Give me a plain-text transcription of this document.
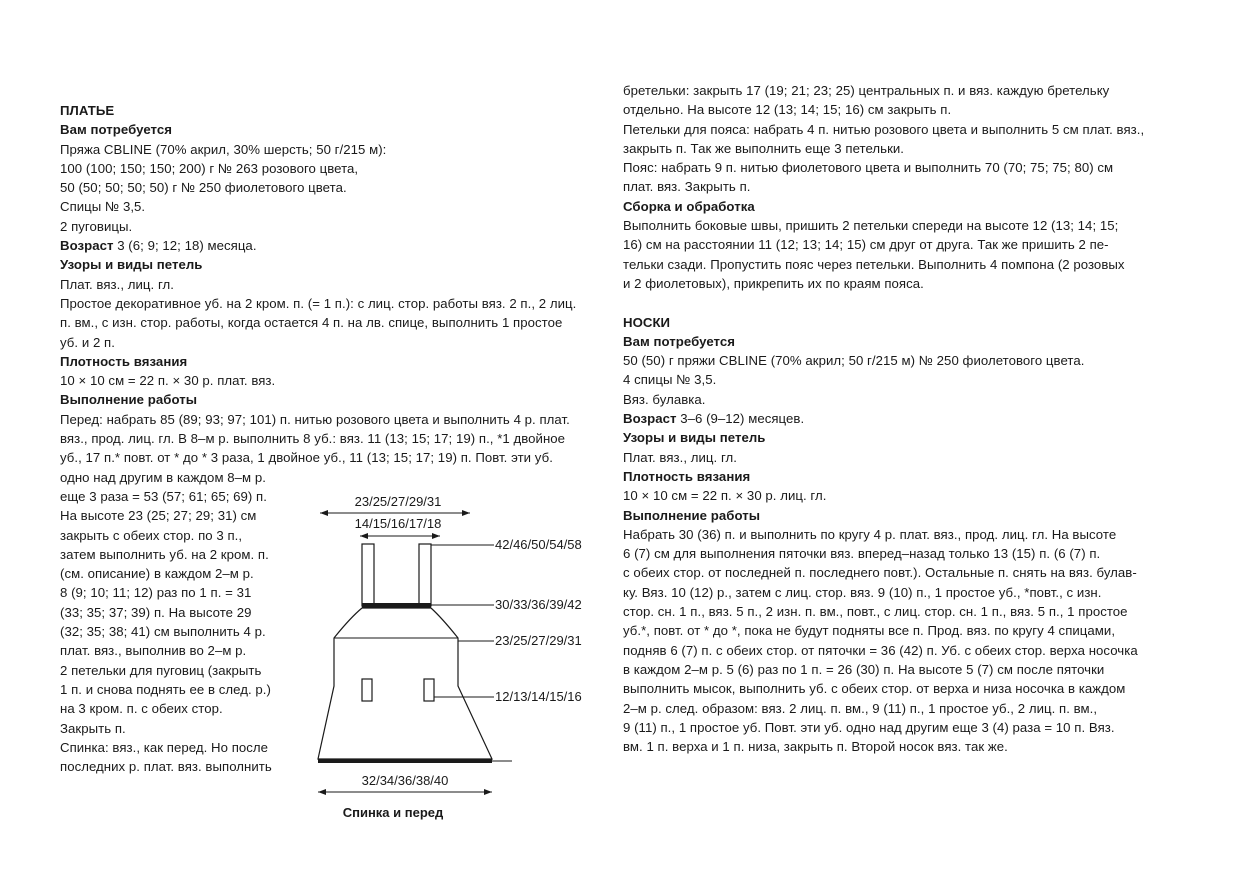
ПЛАТЬЕ
Вам потребуется
Пряжа CBLINE (70% акрил, 30% шерсть; 50 г/215 м):
100 (100; 150; 150; 200) г № 263 розового цвета,
50 (50; 50; 50; 50) г № 250 фиолетового цвета.
Спицы № 3,5.
2 пуговицы.
Возраст 3 (6; 9; 12; 18) месяца.
Узоры и виды петель
Плат. вяз., лиц. гл.
Простое декоративное уб. на 2 кром. п. (= 1 п.): с лиц. стор. работы вяз. 2 п., 2 лиц.
п. вм., с изн. стор. работы, когда остается 4 п. на лв. спице, выполнить 1 простое
уб. и 2 п.
Плотность вязания
10 × 10 см = 22 п. × 30 р. плат. вяз.
Выполнение работы
Перед: набрать 85 (89; 93; 97; 101) п. нитью розового цвета и выполнить 4 р. плат.
вяз., прод. лиц. гл. В 8–м р. выполнить 8 уб.: вяз. 11 (13; 15; 17; 19) п., *1 двойное
уб., 17 п.* повт. от * до * 3 раза, 1 двойное уб., 11 (13; 15; 17; 19) п. Повт. эти уб.
одно над другим в каждом 8–м р.
еще 3 раза = 53 (57; 61; 65; 69) п.
На высоте 23 (25; 27; 29; 31) см
закрыть с обеих стор. по 3 п.,
затем выполнить уб. на 2 кром. п.
(см. описание) в каждом 2–м р.
8 (9; 10; 11; 12) раз по 1 п. = 31
(33; 35; 37; 39) п. На высоте 29
(32; 35; 38; 41) см выполнить 4 р.
плат. вяз., выполнив во 2–м р.
2 петельки для пуговиц (закрыть
1 п. и снова поднять ее в след. р.)
на 3 кром. п. с обеих стор.
Закрыть п.
Спинка: вяз., как перед. Но после
последних р. плат. вяз. выполнить
23/25/27/29/31
14/15/16/17/18
42/46/50/54/58
30/33/36/39/42
23/25/27/29/31
12/13/14/15/16
32/34/36/38/40
Спинка и перед
бретельки: закрыть 17 (19; 21; 23; 25) центральных п. и вяз. каждую бретельку
отдельно. На высоте 12 (13; 14; 15; 16) см закрыть п.
Петельки для пояса: набрать 4 п. нитью розового цвета и выполнить 5 см плат. вяз.,
закрыть п. Так же выполнить еще 3 петельки.
Пояс: набрать 9 п. нитью фиолетового цвета и выполнить 70 (70; 75; 75; 80) см
плат. вяз. Закрыть п.
Сборка и обработка
Выполнить боковые швы, пришить 2 петельки спереди на высоте 12 (13; 14; 15;
16) см на расстоянии 11 (12; 13; 14; 15) см друг от друга. Так же пришить 2 пе-
тельки сзади. Пропустить пояс через петельки. Выполнить 4 помпона (2 розовых
и 2 фиолетовых), прикрепить их по краям пояса.
НОСКИ
Вам потребуется
50 (50) г пряжи CBLINE (70% акрил; 50 г/215 м) № 250 фиолетового цвета.
4 спицы № 3,5.
Вяз. булавка.
Возраст 3–6 (9–12) месяцев.
Узоры и виды петель
Плат. вяз., лиц. гл.
Плотность вязания
10 × 10 см = 22 п. × 30 р. лиц. гл.
Выполнение работы
Набрать 30 (36) п. и выполнить по кругу 4 р. плат. вяз., прод. лиц. гл. На высоте
6 (7) см для выполнения пяточки вяз. вперед–назад только 13 (15) п. (6 (7) п.
с обеих стор. от последней п. последнего повт.). Остальные п. снять на вяз. булав-
ку. Вяз. 10 (12) р., затем с лиц. стор. вяз. 9 (10) п., 1 простое уб., *повт., с изн.
стор. сн. 1 п., вяз. 5 п., 2 изн. п. вм., повт., с лиц. стор. сн. 1 п., вяз. 5 п., 1 простое
уб.*, повт. от * до *, пока не будут подняты все п. Прод. вяз. по кругу 4 спицами,
подняв 6 (7) п. с обеих стор. от пяточки = 36 (42) п. Уб. с обеих стор. верха носочка
в каждом 2–м р. 5 (6) раз по 1 п. = 26 (30) п. На высоте 5 (7) см после пяточки
выполнить мысок, выполнить уб. с обеих стор. от верха и низа носочка в каждом
2–м р. след. образом: вяз. 2 лиц. п. вм., 9 (11) п., 1 простое уб., 2 лиц. п. вм.,
9 (11) п., 1 простое уб. Повт. эти уб. одно над другим еще 3 (4) раза = 10 п. Вяз.
вм. 1 п. верха и 1 п. низа, закрыть п. Второй носок вяз. так же.
